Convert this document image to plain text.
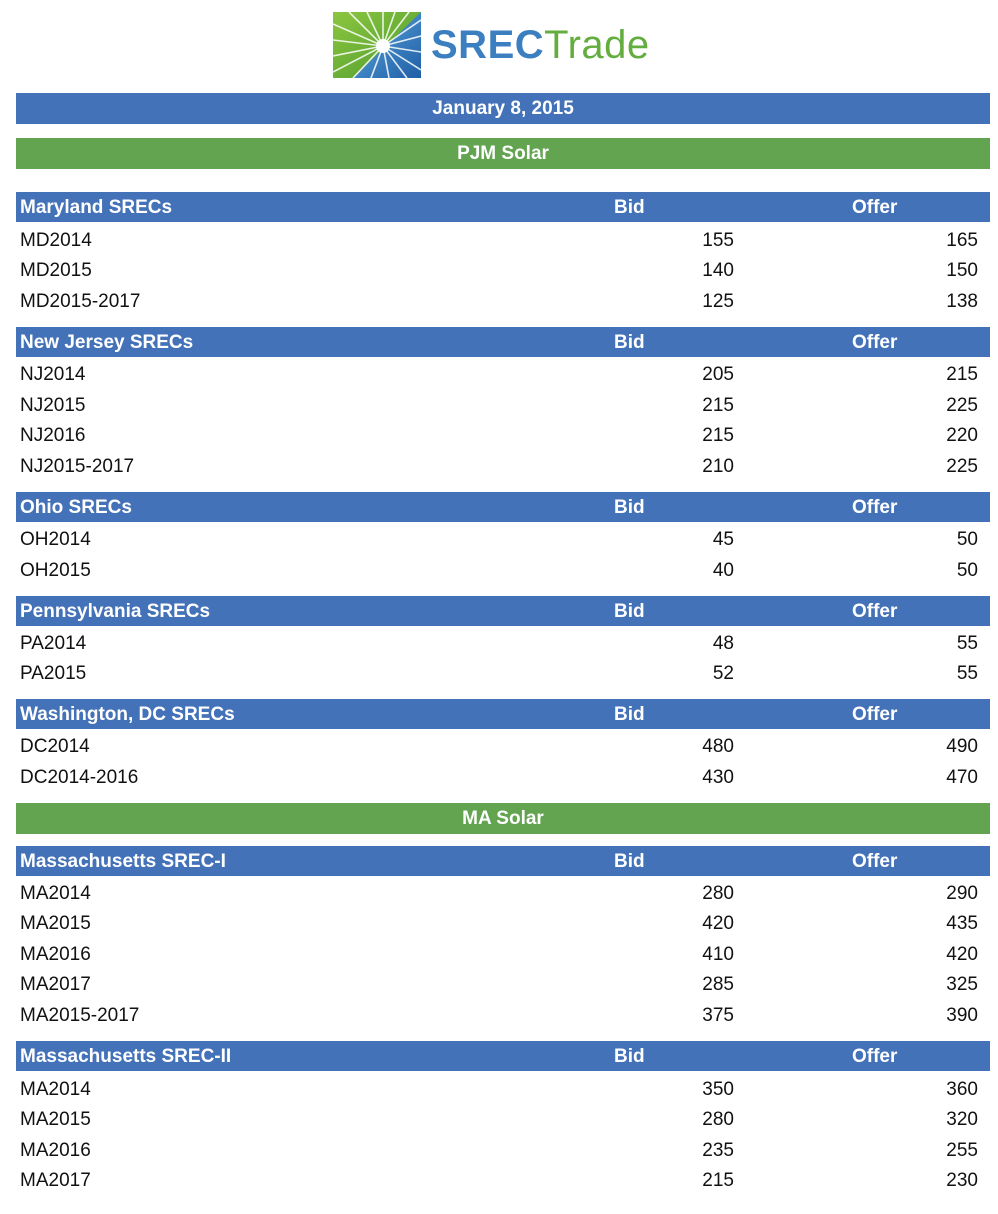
SRECTrade
January 8, 2015
PJM Solar
Maryland SRECs	Bid	Offer
MD2014	155	165
MD2015	140	150
MD2015-2017	125	138
New Jersey SRECs	Bid	Offer
NJ2014	205	215
NJ2015	215	225
NJ2016	215	220
NJ2015-2017	210	225
Ohio SRECs	Bid	Offer
OH2014	45	50
OH2015	40	50
Pennsylvania SRECs	Bid	Offer
PA2014	48	55
PA2015	52	55
Washington, DC SRECs	Bid	Offer
DC2014	480	490
DC2014-2016	430	470
MA Solar
Massachusetts SREC-I	Bid	Offer
MA2014	280	290
MA2015	420	435
MA2016	410	420
MA2017	285	325
MA2015-2017	375	390
Massachusetts SREC-II	Bid	Offer
MA2014	350	360
MA2015	280	320
MA2016	235	255
MA2017	215	230
